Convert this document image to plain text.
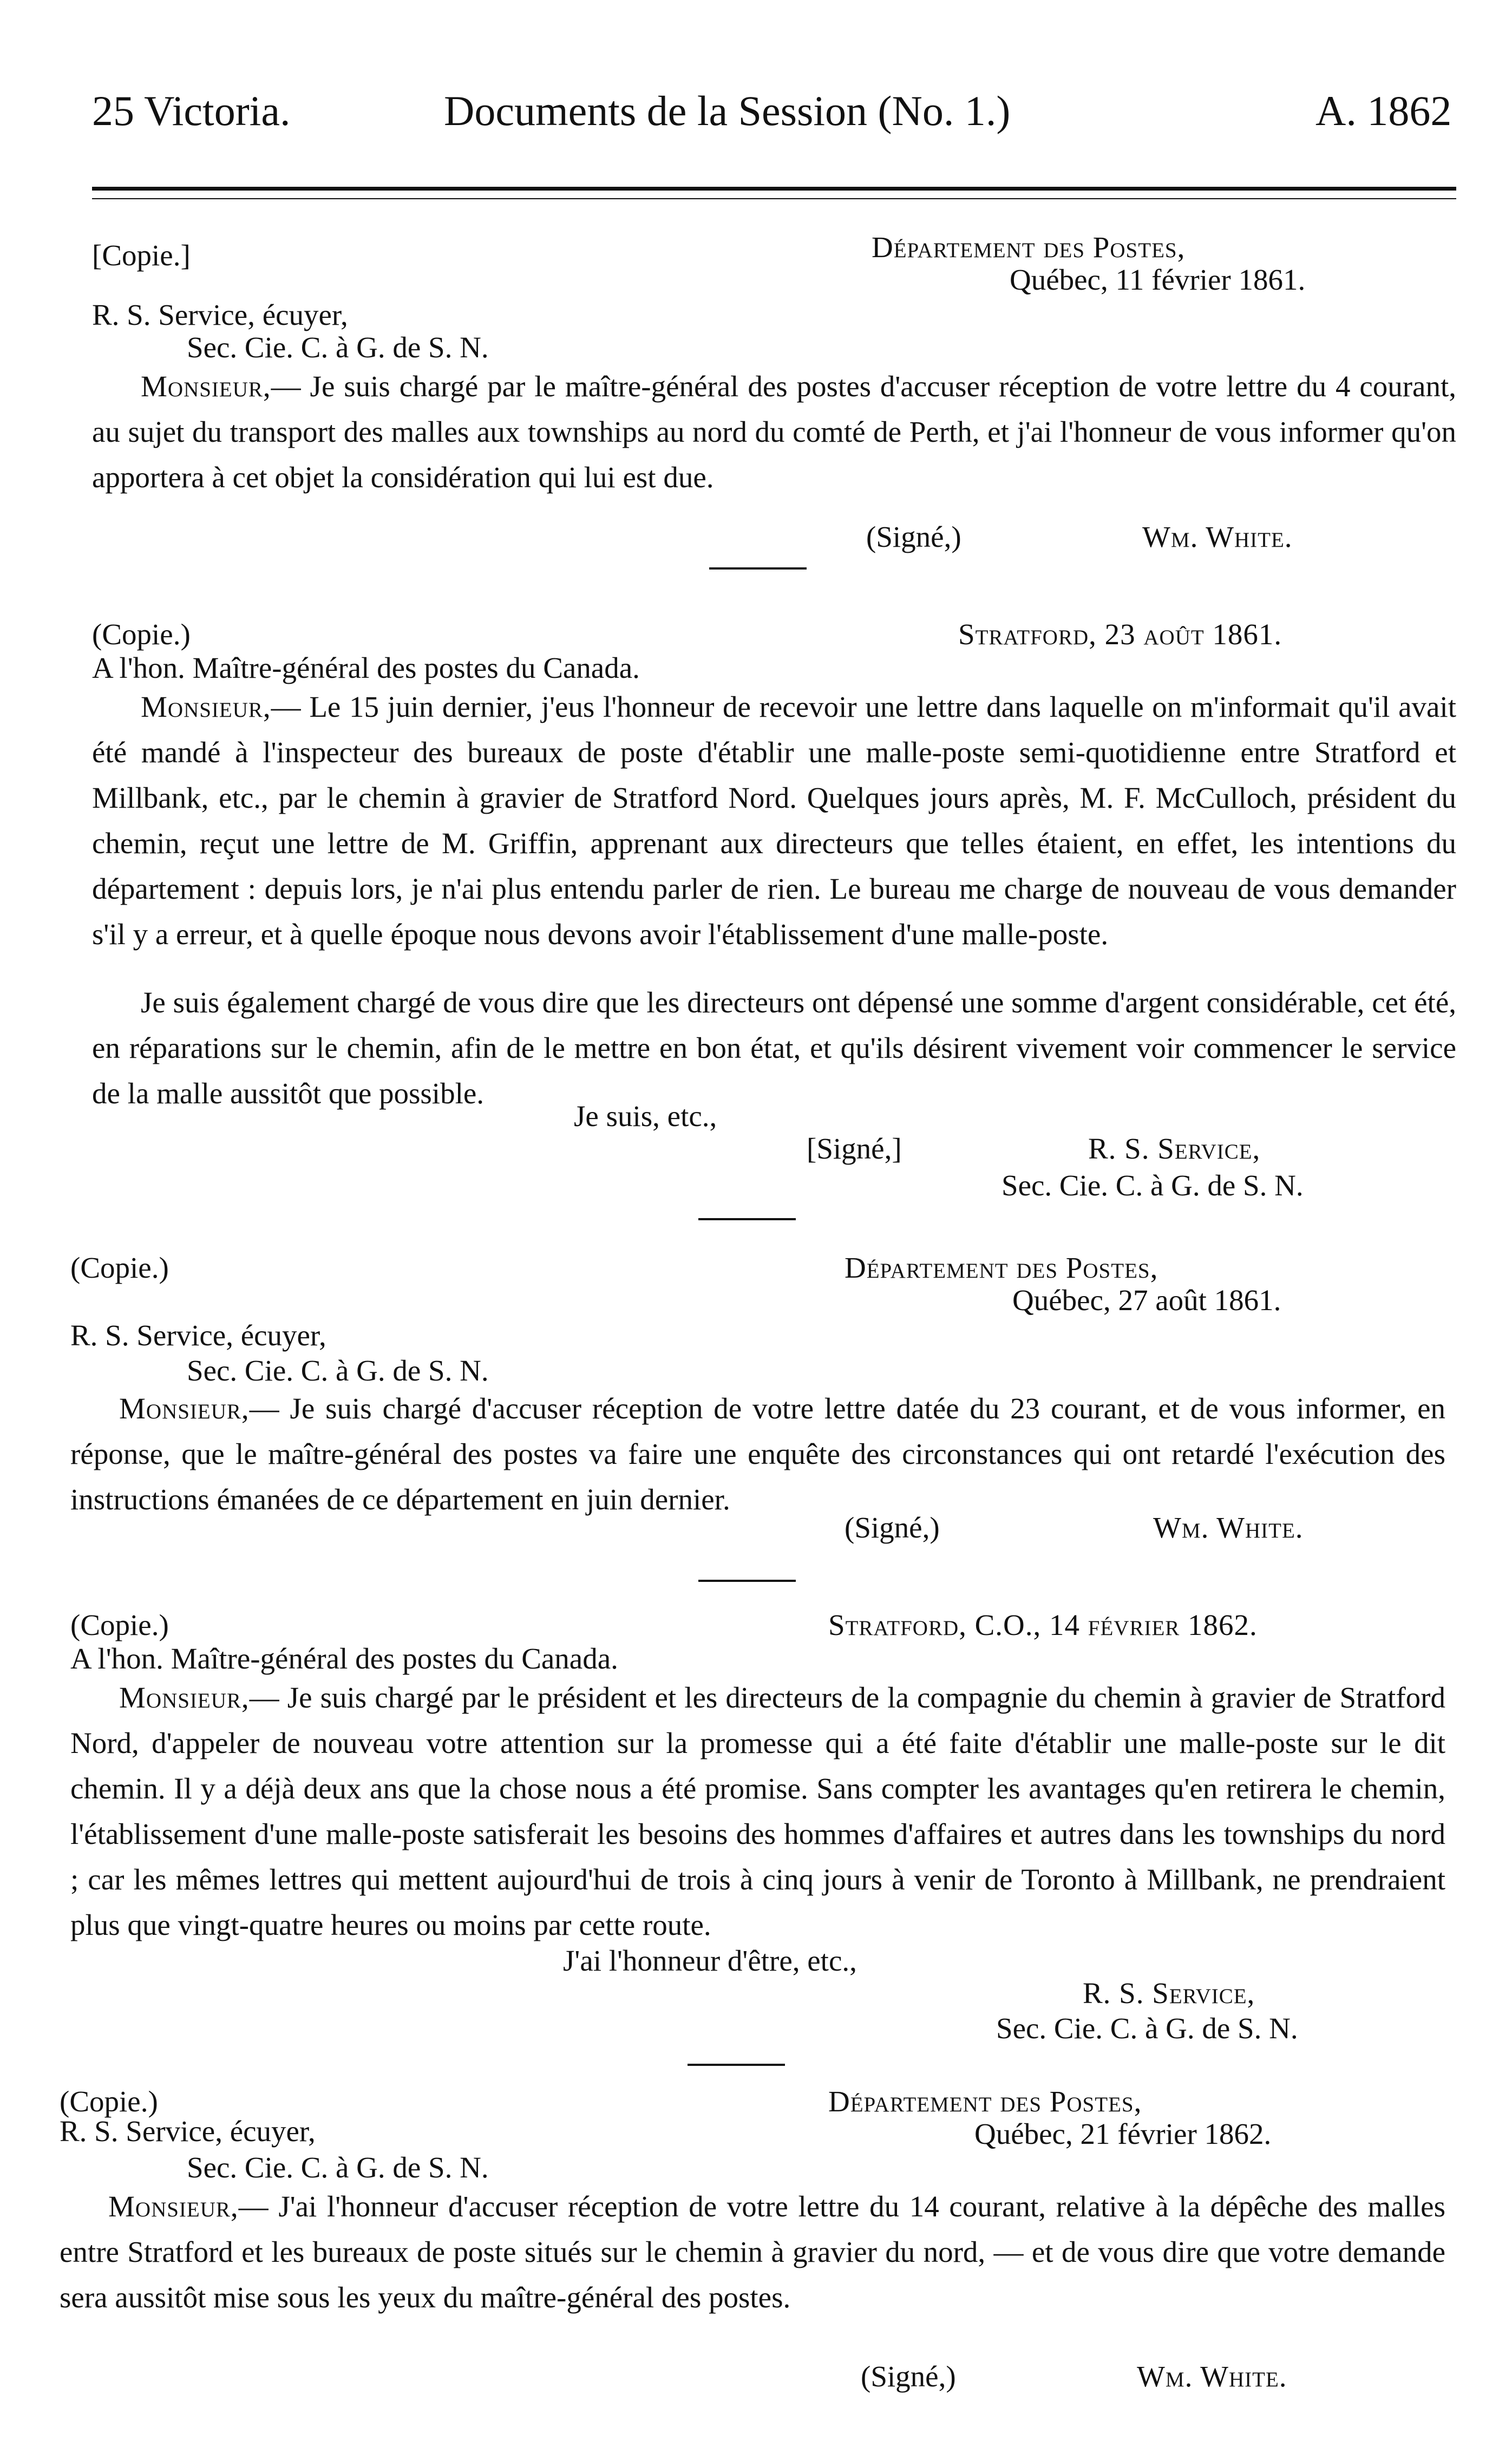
25 Victoria.	Documents de la Session (No. 1.)	A. 1862
[Copie.]	Département des Postes,
Québec, 11 février 1861.
R. S. Service, écuyer,
Sec. Cie. C. à G. de S. N.
Monsieur,— Je suis chargé par le maître-général des postes d'accuser réception de votre lettre du 4 courant, au sujet du transport des malles aux townships au nord du comté de Perth, et j'ai l'honneur de vous informer qu'on apportera à cet objet la considération qui lui est due.
(Signé,)	Wm. White.
(Copie.)	Stratford, 23 août 1861.
A l'hon. Maître-général des postes du Canada.
Monsieur,— Le 15 juin dernier, j'eus l'honneur de recevoir une lettre dans laquelle on m'informait qu'il avait été mandé à l'inspecteur des bureaux de poste d'établir une malle-poste semi-quotidienne entre Stratford et Millbank, etc., par le chemin à gravier de Stratford Nord. Quelques jours après, M. F. McCulloch, président du chemin, reçut une lettre de M. Griffin, apprenant aux directeurs que telles étaient, en effet, les intentions du département : depuis lors, je n'ai plus entendu parler de rien. Le bureau me charge de nouveau de vous demander s'il y a erreur, et à quelle époque nous devons avoir l'établissement d'une malle-poste.
Je suis également chargé de vous dire que les directeurs ont dépensé une somme d'argent considérable, cet été, en réparations sur le chemin, afin de le mettre en bon état, et qu'ils désirent vivement voir commencer le service de la malle aussitôt que possible.
Je suis, etc.,
[Signé,]	R. S. Service,
Sec. Cie. C. à G. de S. N.
(Copie.)	Département des Postes,
Québec, 27 août 1861.
R. S. Service, écuyer,
Sec. Cie. C. à G. de S. N.
Monsieur,— Je suis chargé d'accuser réception de votre lettre datée du 23 courant, et de vous informer, en réponse, que le maître-général des postes va faire une enquête des circonstances qui ont retardé l'exécution des instructions émanées de ce département en juin dernier.
(Signé,)	Wm. White.
(Copie.)	Stratford, C.O., 14 février 1862.
A l'hon. Maître-général des postes du Canada.
Monsieur,— Je suis chargé par le président et les directeurs de la compagnie du chemin à gravier de Stratford Nord, d'appeler de nouveau votre attention sur la promesse qui a été faite d'établir une malle-poste sur le dit chemin. Il y a déjà deux ans que la chose nous a été promise. Sans compter les avantages qu'en retirera le chemin, l'établissement d'une malle-poste satisferait les besoins des hommes d'affaires et autres dans les townships du nord ; car les mêmes lettres qui mettent aujourd'hui de trois à cinq jours à venir de Toronto à Millbank, ne prendraient plus que vingt-quatre heures ou moins par cette route.
J'ai l'honneur d'être, etc.,
R. S. Service,
Sec. Cie. C. à G. de S. N.
(Copie.)	Département des Postes,
R. S. Service, écuyer,	Québec, 21 février 1862.
Sec. Cie. C. à G. de S. N.
Monsieur,— J'ai l'honneur d'accuser réception de votre lettre du 14 courant, relative à la dépêche des malles entre Stratford et les bureaux de poste situés sur le chemin à gravier du nord, — et de vous dire que votre demande sera aussitôt mise sous les yeux du maître-général des postes.
(Signé,)	Wm. White.
